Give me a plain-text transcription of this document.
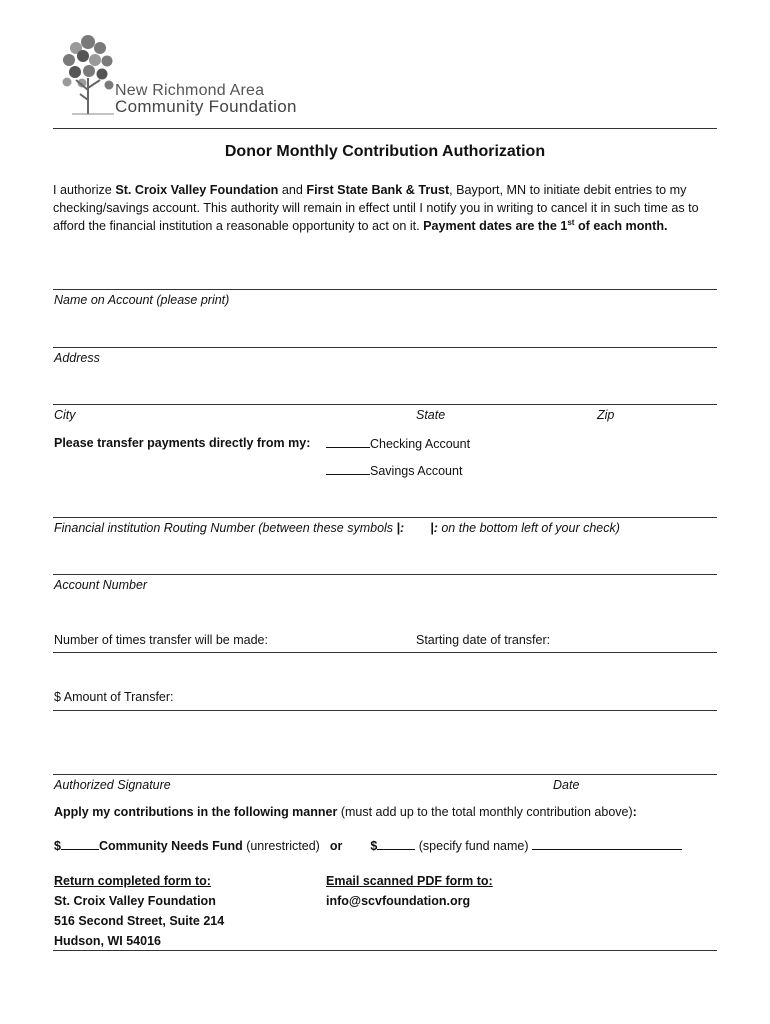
New Richmond Area
Community Foundation
Donor Monthly Contribution Authorization
I authorize St. Croix Valley Foundation and First State Bank & Trust, Bayport, MN to initiate debit entries to my
checking/savings account. This authority will remain in effect until I notify you in writing to cancel it in such time as to
afford the financial institution a reasonable opportunity to act on it. Payment dates are the 1st of each month.
Name on Account (please print)
Address
City	State	Zip
Please transfer payments directly from my:	Checking Account
Savings Account
Financial institution Routing Number (between these symbols |: |: on the bottom left of your check)
Account Number
Number of times transfer will be made:	Starting date of transfer:
$ Amount of Transfer:
Authorized Signature	Date
Apply my contributions in the following manner (must add up to the total monthly contribution above):
$	Community Needs Fund (unrestricted) or $	(specify fund name)
Return completed form to:
St. Croix Valley Foundation
516 Second Street, Suite 214
Hudson, WI 54016
Email scanned PDF form to:
info@scvfoundation.org
